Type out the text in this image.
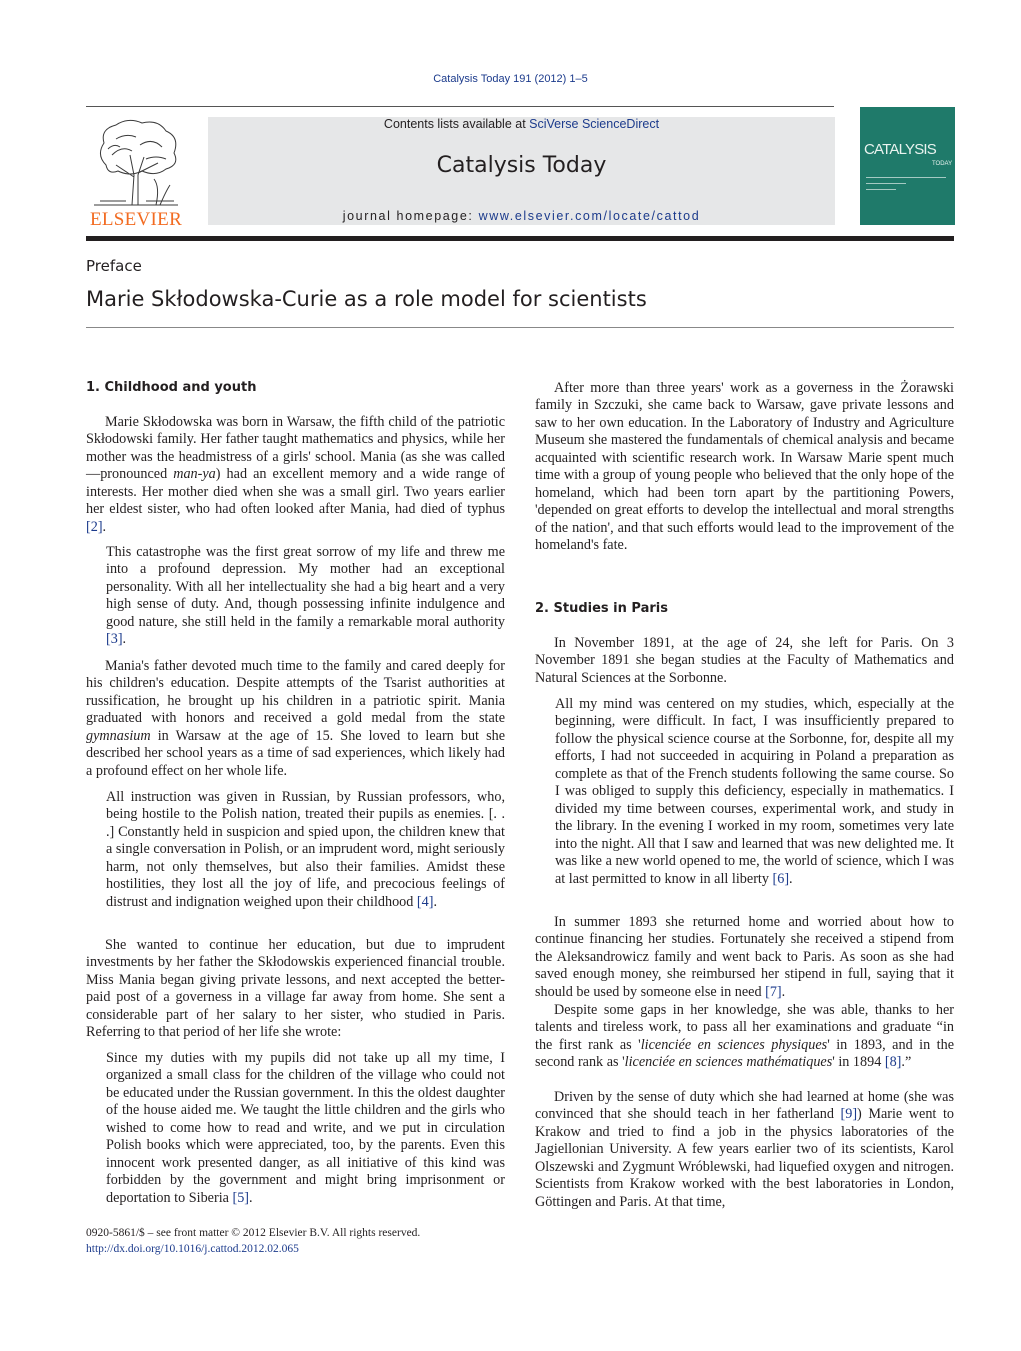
Catalysis Today 191 (2012) 1–5
ELSEVIER
Contents lists available at SciVerse ScienceDirect
Catalysis Today
journal homepage: www.elsevier.com/locate/cattod
CATALYSIS
TODAY
Preface
Marie Skłodowska-Curie as a role model for scientists
1. Childhood and youth
Marie Skłodowska was born in Warsaw, the fifth child of the patriotic Skłodowski family. Her father taught mathematics and physics, while her mother was the headmistress of a girls' school. Mania (as she was called—pronounced man-ya) had an excellent memory and a wide range of interests. Her mother died when she was a small girl. Two years earlier her eldest sister, who had often looked after Mania, had died of typhus [2].
This catastrophe was the first great sorrow of my life and threw me into a profound depression. My mother had an exceptional personality. With all her intellectuality she had a big heart and a very high sense of duty. And, though possessing infinite indulgence and good nature, she still held in the family a remarkable moral authority [3].
Mania's father devoted much time to the family and cared deeply for his children's education. Despite attempts of the Tsarist authorities at russification, he brought up his children in a patriotic spirit. Mania graduated with honors and received a gold medal from the state gymnasium in Warsaw at the age of 15. She loved to learn but she described her school years as a time of sad experiences, which likely had a profound effect on her whole life.
All instruction was given in Russian, by Russian professors, who, being hostile to the Polish nation, treated their pupils as enemies. [. . .] Constantly held in suspicion and spied upon, the children knew that a single conversation in Polish, or an imprudent word, might seriously harm, not only themselves, but also their families. Amidst these hostilities, they lost all the joy of life, and precocious feelings of distrust and indignation weighed upon their childhood [4].
She wanted to continue her education, but due to imprudent investments by her father the Skłodowskis experienced financial trouble. Miss Mania began giving private lessons, and next accepted the better-paid post of a governess in a village far away from home. She sent a considerable part of her salary to her sister, who studied in Paris. Referring to that period of her life she wrote:
Since my duties with my pupils did not take up all my time, I organized a small class for the children of the village who could not be educated under the Russian government. In this the oldest daughter of the house aided me. We taught the little children and the girls who wished to come how to read and write, and we put in circulation Polish books which were appreciated, too, by the parents. Even this innocent work presented danger, as all initiative of this kind was forbidden by the government and might bring imprisonment or deportation to Siberia [5].
After more than three years' work as a governess in the Żorawski family in Szczuki, she came back to Warsaw, gave private lessons and saw to her own education. In the Laboratory of Industry and Agriculture Museum she mastered the fundamentals of chemical analysis and became acquainted with scientific research work. In Warsaw Marie spent much time with a group of young people who believed that the only hope of the homeland, which had been torn apart by the partitioning Powers, 'depended on great efforts to develop the intellectual and moral strengths of the nation', and that such efforts would lead to the improvement of the homeland's fate.
2. Studies in Paris
In November 1891, at the age of 24, she left for Paris. On 3 November 1891 she began studies at the Faculty of Mathematics and Natural Sciences at the Sorbonne.
All my mind was centered on my studies, which, especially at the beginning, were difficult. In fact, I was insufficiently prepared to follow the physical science course at the Sorbonne, for, despite all my efforts, I had not succeeded in acquiring in Poland a preparation as complete as that of the French students following the same course. So I was obliged to supply this deficiency, especially in mathematics. I divided my time between courses, experimental work, and study in the library. In the evening I worked in my room, sometimes very late into the night. All that I saw and learned that was new delighted me. It was like a new world opened to me, the world of science, which I was at last permitted to know in all liberty [6].
In summer 1893 she returned home and worried about how to continue financing her studies. Fortunately she received a stipend from the Aleksandrowicz family and went back to Paris. As soon as she had saved enough money, she reimbursed her stipend in full, saying that it should be used by someone else in need [7].
Despite some gaps in her knowledge, she was able, thanks to her talents and tireless work, to pass all her examinations and graduate “in the first rank as 'licenciée en sciences physiques' in 1893, and in the second rank as 'licenciée en sciences mathématiques' in 1894 [8].”
Driven by the sense of duty which she had learned at home (she was convinced that she should teach in her fatherland [9]) Marie went to Krakow and tried to find a job in the physics laboratories of the Jagiellonian University. A few years earlier two of its scientists, Karol Olszewski and Zygmunt Wróblewski, had liquefied oxygen and nitrogen. Scientists from Krakow worked with the best laboratories in London, Göttingen and Paris. At that time,
0920-5861/$ – see front matter © 2012 Elsevier B.V. All rights reserved.
http://dx.doi.org/10.1016/j.cattod.2012.02.065
